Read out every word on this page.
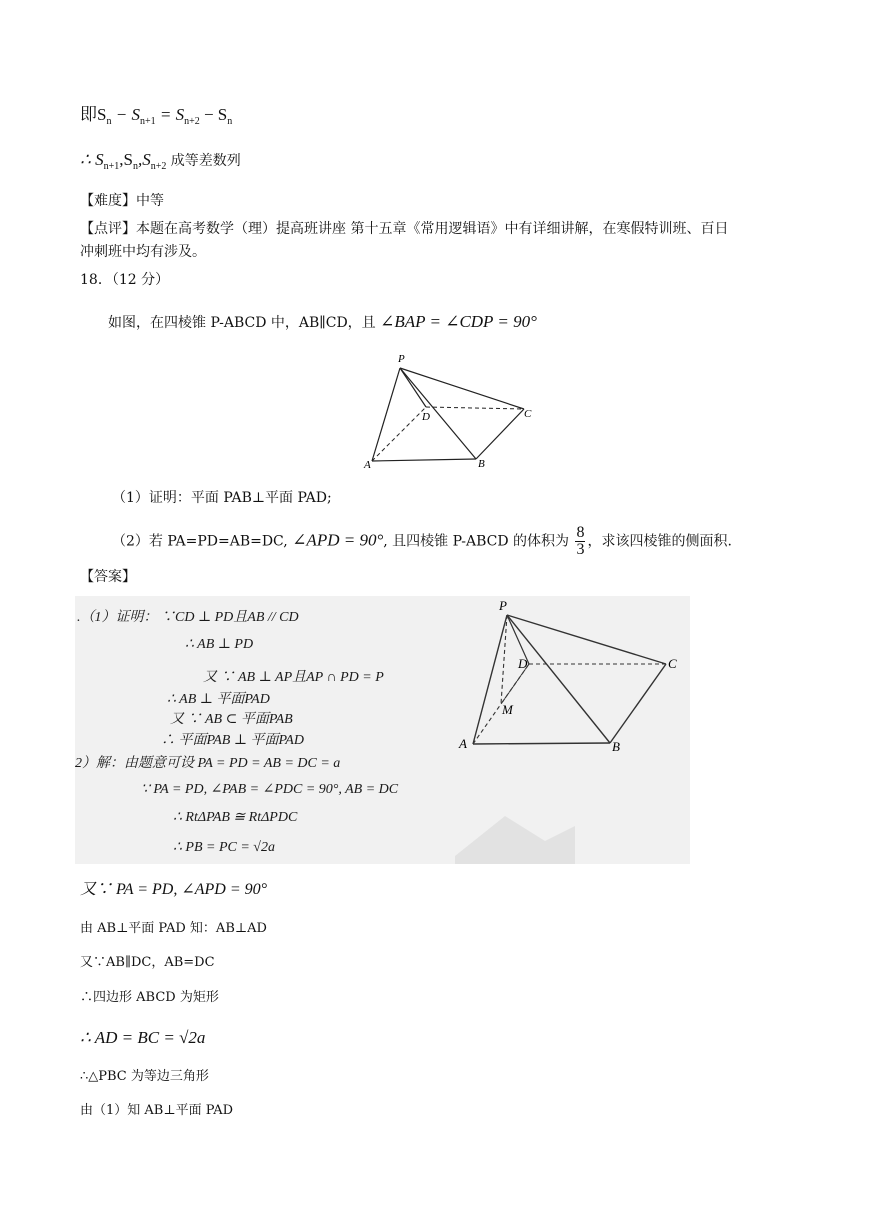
即$S_n - S_{n+1} = S_{n+2} - S_n$
∴ $S_{n+1},S_n,S_{n+2}$ 成等差数列
【难度】中等
【点评】本题在高考数学（理）提高班讲座 第十五章《常用逻辑语》中有详细讲解，在寒假特训班、百日
冲刺班中均有涉及。
18．（12 分）
如图，在四棱锥 P-ABCD 中，AB∥CD，且 ∠BAP = ∠CDP = 90°
P
A	B
C
D
（1）证明：平面 PAB⊥平面 PAD;
（2）若 PA=PD=AB=DC, ∠APD = 90°, 且四棱锥 P-ABCD 的体积为 $\frac{8}{3}$ ，求该四棱锥的侧面积.
【答案】
.（1）证明： ∵CD ⊥ PD且AB // CD
∴ AB ⊥ PD
又 ∵ AB ⊥ AP且AP ∩ PD = P
∴ AB ⊥ 平面PAD
又 ∵ AB ⊂ 平面PAB
∴ 平面PAB ⊥ 平面PAD
2）解：由题意可设 PA = PD = AB = DC = a
∵ PA = PD, ∠PAB = ∠PDC = 90°, AB = DC
∴ RtΔPAB ≅ RtΔPDC
∴ PB = PC = √2a
P
A	B
C
D
M
又∵ PA = PD, ∠APD = 90°
由 AB⊥平面 PAD 知：AB⊥AD
又∵AB∥DC，AB=DC
∴四边形 ABCD 为矩形
∴ AD = BC = √2a
∴△PBC 为等边三角形
由（1）知 AB⊥平面 PAD
